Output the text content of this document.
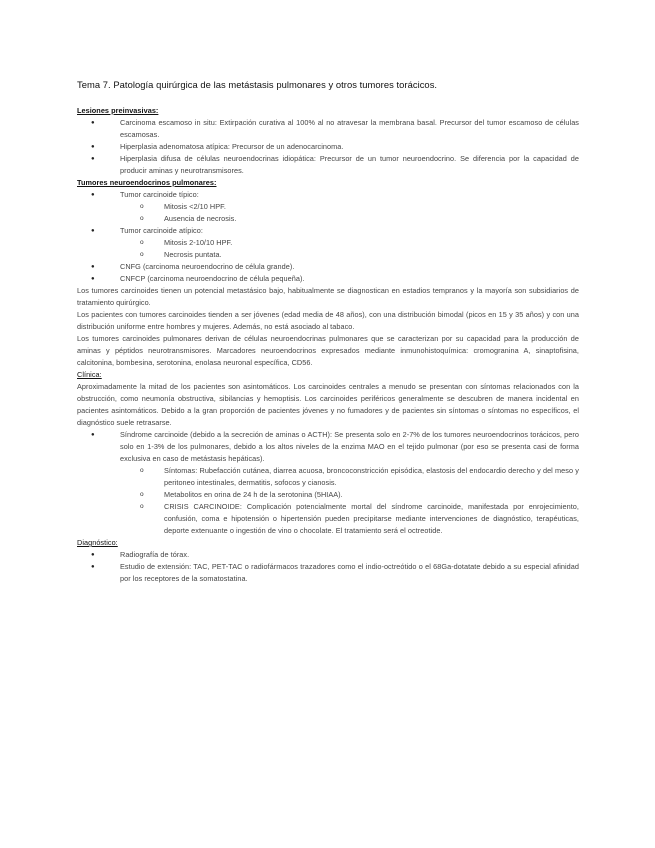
Tema 7. Patología quirúrgica de las metástasis pulmonares y otros tumores torácicos.
Lesiones preinvasivas:
● Carcinoma escamoso in situ: Extirpación curativa al 100% al no atravesar la membrana basal. Precursor del tumor escamoso de células escamosas.
● Hiperplasia adenomatosa atípica: Precursor de un adenocarcinoma.
● Hiperplasia difusa de células neuroendocrinas idiopática: Precursor de un tumor neuroendocrino. Se diferencia por la capacidad de producir aminas y neurotransmisores.
Tumores neuroendocrinos pulmonares:
● Tumor carcinoide típico:
o Mitosis <2/10 HPF.
o Ausencia de necrosis.
● Tumor carcinoide atípico:
o Mitosis 2-10/10 HPF.
o Necrosis puntata.
● CNFG (carcinoma neuroendocrino de célula grande).
● CNFCP (carcinoma neuroendocrino de célula pequeña).

Los tumores carcinoides tienen un potencial metastásico bajo, habitualmente se diagnostican en estadios tempranos y la mayoría son subsidiarios de tratamiento quirúrgico.

Los pacientes con tumores carcinoides tienden a ser jóvenes (edad media de 48 años), con una distribución bimodal (picos en 15 y 35 años) y con una distribución uniforme entre hombres y mujeres. Además, no está asociado al tabaco.

Los tumores carcinoides pulmonares derivan de células neuroendocrinas pulmonares que se caracterizan por su capacidad para la producción de aminas y péptidos neurotransmisores. Marcadores neuroendocrinos expresados mediante inmunohistoquímica: cromogranina A, sinaptofisina, calcitonina, bombesina, serotonina, enolasa neuronal específica, CD56.

Clínica:

Aproximadamente la mitad de los pacientes son asintomáticos. Los carcinoides centrales a menudo se presentan con síntomas relacionados con la obstrucción, como neumonía obstructiva, sibilancias y hemoptisis. Los carcinoides periféricos generalmente se descubren de manera incidental en pacientes asintomáticos. Debido a la gran proporción de pacientes jóvenes y no fumadores y de pacientes sin síntomas o síntomas no específicos, el diagnóstico suele retrasarse.

● Síndrome carcinoide (debido a la secreción de aminas o ACTH): Se presenta solo en 2-7% de los tumores neuroendocrinos torácicos, pero solo en 1-3% de los pulmonares, debido a los altos niveles de la enzima MAO en el tejido pulmonar (por eso se presenta casi de forma exclusiva en caso de metástasis hepáticas).
o Síntomas: Rubefacción cutánea, diarrea acuosa, broncoconstricción episódica, elastosis del endocardio derecho y del meso y peritoneo intestinales, dermatitis, sofocos y cianosis.
o Metabolitos en orina de 24 h de la serotonina (5HIAA).
o CRISIS CARCINOIDE: Complicación potencialmente mortal del síndrome carcinoide, manifestada por enrojecimiento, confusión, coma e hipotensión o hipertensión pueden precipitarse mediante intervenciones de diagnóstico, terapéuticas, deporte extenuante o ingestión de vino o chocolate. El tratamiento será el octreotide.
Diagnóstico:
● Radiografía de tórax.
● Estudio de extensión: TAC, PET-TAC o radiofármacos trazadores como el indio-octreótido o el 68Ga-dotatate debido a su especial afinidad por los receptores de la somatostatina.
